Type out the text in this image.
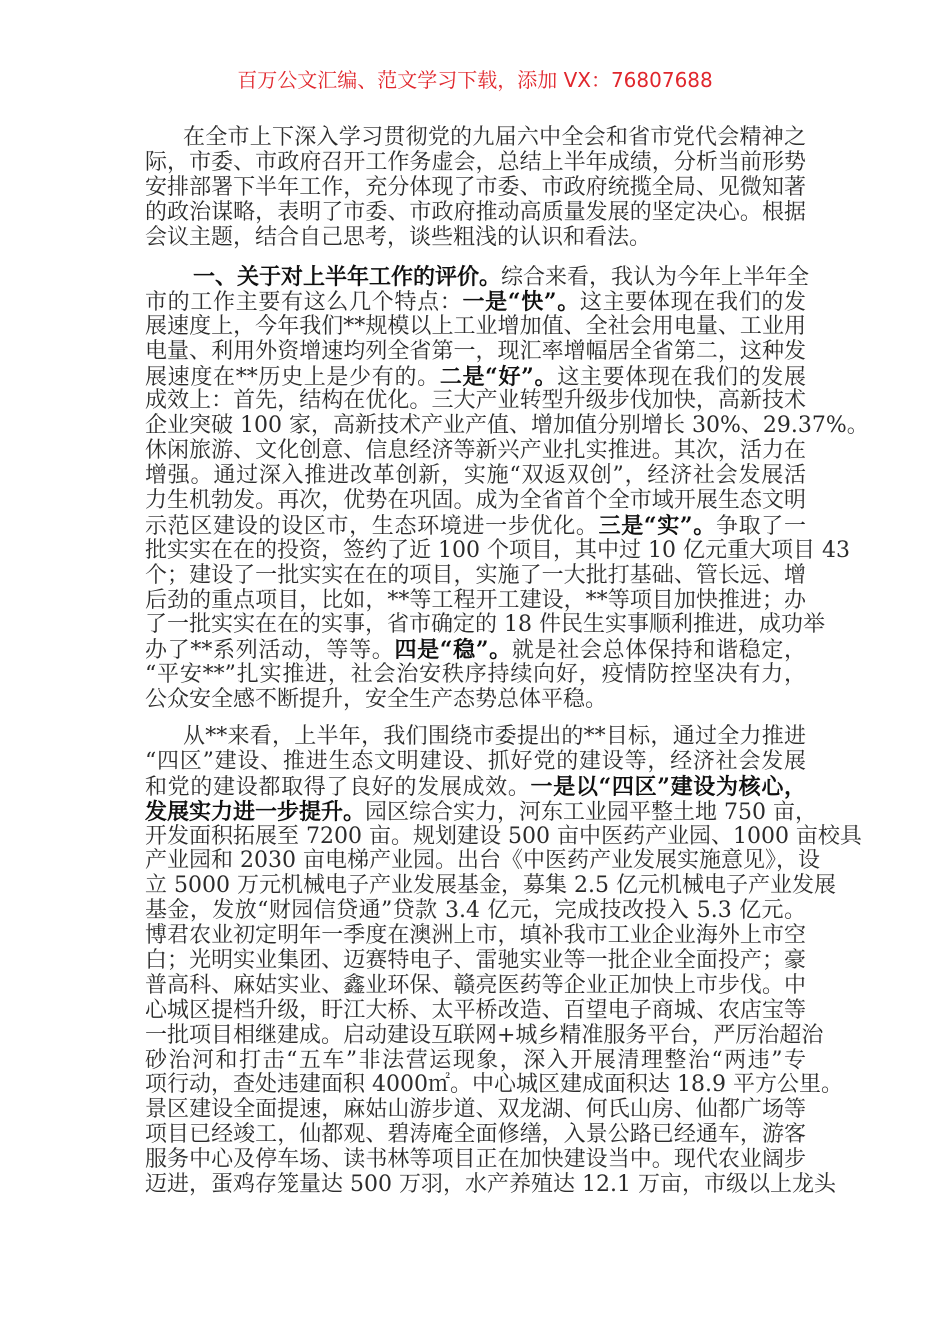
百万公文汇编、范文学习下载，添加 VX：76807688
在全市上下深入学习贯彻党的九届六中全会和省市党代会精神之
际，市委、市政府召开工作务虚会，总结上半年成绩，分析当前形势
安排部署下半年工作，充分体现了市委、市政府统揽全局、见微知著
的政治谋略，表明了市委、市政府推动高质量发展的坚定决心。根据
会议主题，结合自己思考，谈些粗浅的认识和看法。
一、关于对上半年工作的评价。综合来看，我认为今年上半年全
市的工作主要有这么几个特点：一是“快”。这主要体现在我们的发
展速度上，今年我们**规模以上工业增加值、全社会用电量、工业用
电量、利用外资增速均列全省第一，现汇率增幅居全省第二，这种发
展速度在**历史上是少有的。二是“好”。这主要体现在我们的发展
成效上：首先，结构在优化。三大产业转型升级步伐加快，高新技术
企业突破 100 家，高新技术产业产值、增加值分别增长 30%、29.37%。
休闲旅游、文化创意、信息经济等新兴产业扎实推进。其次，活力在
增强。通过深入推进改革创新，实施“双返双创”，经济社会发展活
力生机勃发。再次，优势在巩固。成为全省首个全市域开展生态文明
示范区建设的设区市，生态环境进一步优化。三是“实”。争取了一
批实实在在的投资，签约了近 100 个项目，其中过 10 亿元重大项目 43
个；建设了一批实实在在的项目，实施了一大批打基础、管长远、增
后劲的重点项目，比如，**等工程开工建设，**等项目加快推进；办
了一批实实在在的实事，省市确定的 18 件民生实事顺利推进，成功举
办了**系列活动，等等。四是“稳”。就是社会总体保持和谐稳定，
“平安**”扎实推进，社会治安秩序持续向好，疫情防控坚决有力，
公众安全感不断提升，安全生产态势总体平稳。
从**来看，上半年，我们围绕市委提出的**目标，通过全力推进
“四区”建设、推进生态文明建设、抓好党的建设等，经济社会发展
和党的建设都取得了良好的发展成效。一是以“四区”建设为核心，
发展实力进一步提升。园区综合实力，河东工业园平整土地 750 亩，
开发面积拓展至 7200 亩。规划建设 500 亩中医药产业园、1000 亩校具
产业园和 2030 亩电梯产业园。出台《中医药产业发展实施意见》，设
立 5000 万元机械电子产业发展基金，募集 2.5 亿元机械电子产业发展
基金，发放“财园信贷通”贷款 3.4 亿元，完成技改投入 5.3 亿元。
博君农业初定明年一季度在澳洲上市，填补我市工业企业海外上市空
白；光明实业集团、迈赛特电子、雷驰实业等一批企业全面投产；豪
普高科、麻姑实业、鑫业环保、赣亮医药等企业正加快上市步伐。中
心城区提档升级，盱江大桥、太平桥改造、百望电子商城、农店宝等
一批项目相继建成。启动建设互联网+城乡精准服务平台，严厉治超治
砂治河和打击“五车”非法营运现象，深入开展清理整治“两违”专
项行动，查处违建面积 4000㎡。中心城区建成面积达 18.9 平方公里。
景区建设全面提速，麻姑山游步道、双龙湖、何氏山房、仙都广场等
项目已经竣工，仙都观、碧涛庵全面修缮，入景公路已经通车，游客
服务中心及停车场、读书林等项目正在加快建设当中。现代农业阔步
迈进，蛋鸡存笼量达 500 万羽，水产养殖达 12.1 万亩，市级以上龙头
